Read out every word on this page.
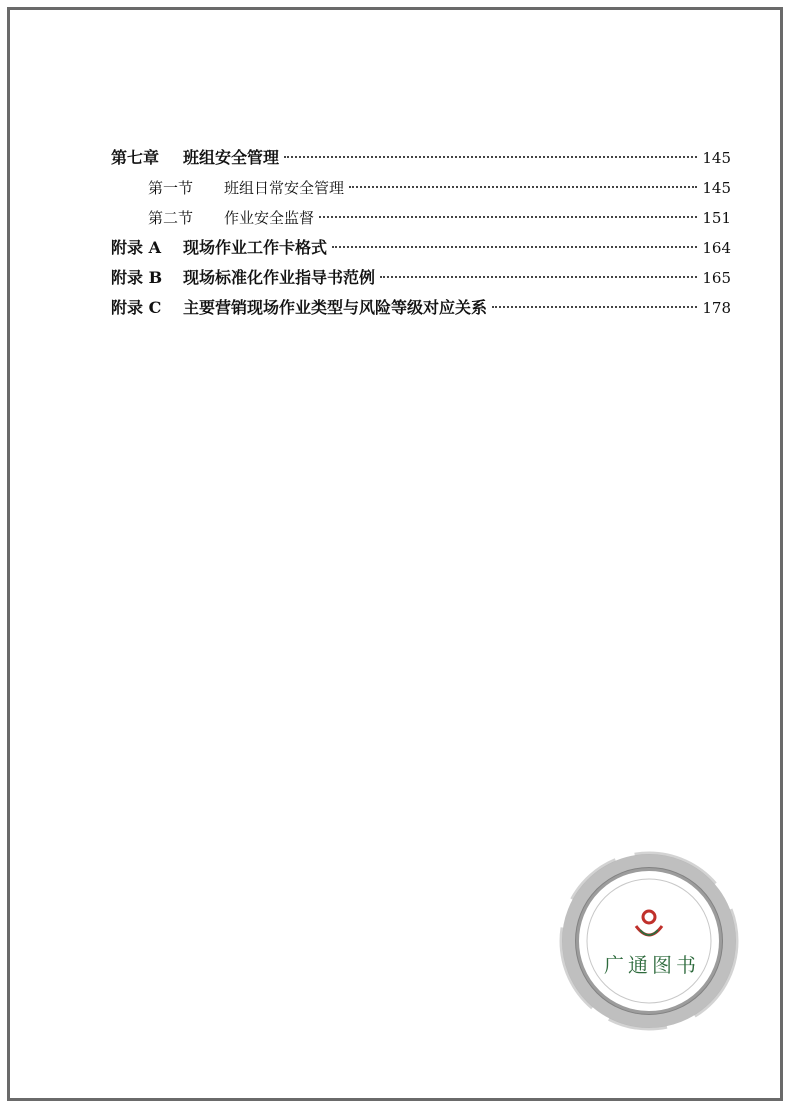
第七章 班组安全管理	145
第一节 班组日常安全管理	145
第二节 作业安全监督	151
附录 A 现场作业工作卡格式	164
附录 B 现场标准化作业指导书范例	165
附录 C 主要营销现场作业类型与风险等级对应关系	178
广通图书
